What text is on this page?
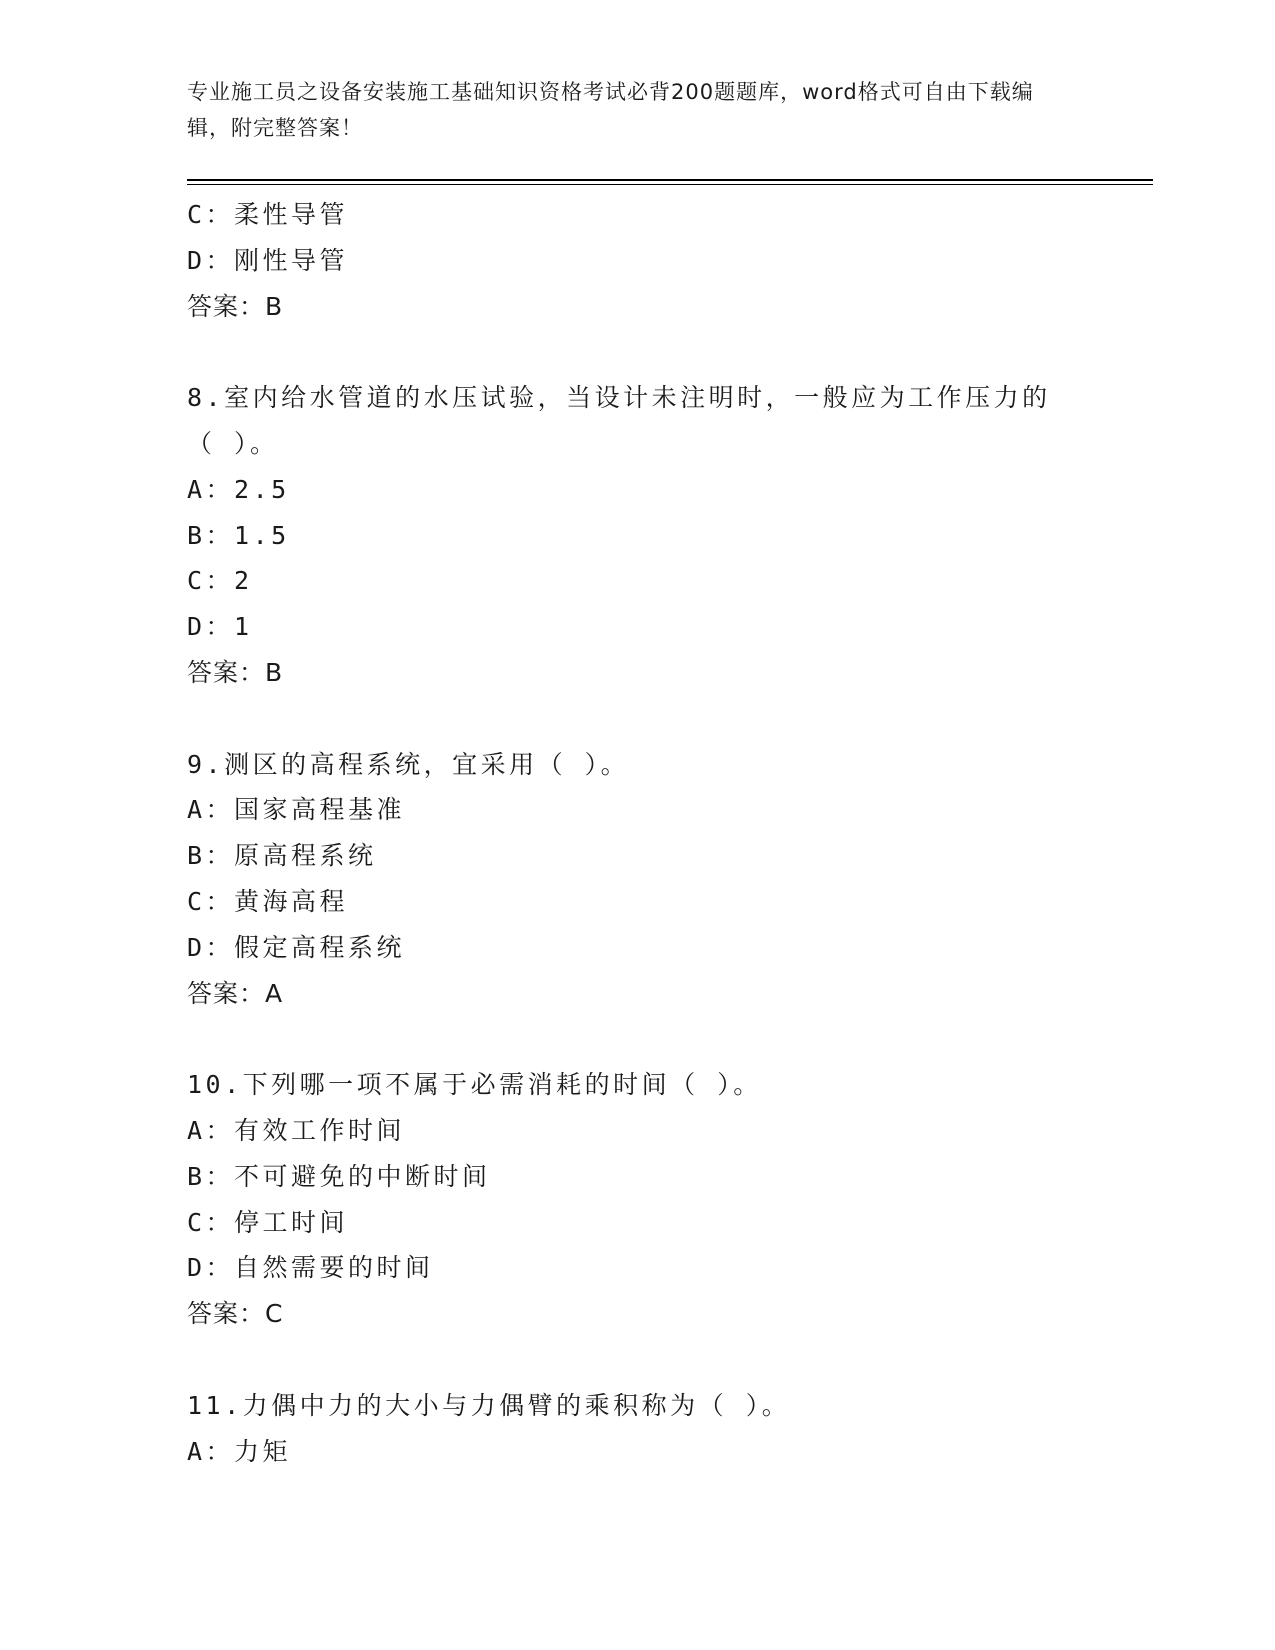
专业施工员之设备安装施工基础知识资格考试必背200题题库，word格式可自由下载编辑，附完整答案！
C：柔性导管
D：刚性导管
答案：B
8.室内给水管道的水压试验，当设计未注明时，一般应为工作压力的
（ ）。
A：2.5
B：1.5
C：2
D：1
答案：B
9.测区的高程系统，宜采用（ ）。
A：国家高程基准
B：原高程系统
C：黄海高程
D：假定高程系统
答案：A
10.下列哪一项不属于必需消耗的时间（ ）。
A：有效工作时间
B：不可避免的中断时间
C：停工时间
D：自然需要的时间
答案：C
11.力偶中力的大小与力偶臂的乘积称为（ ）。
A：力矩
